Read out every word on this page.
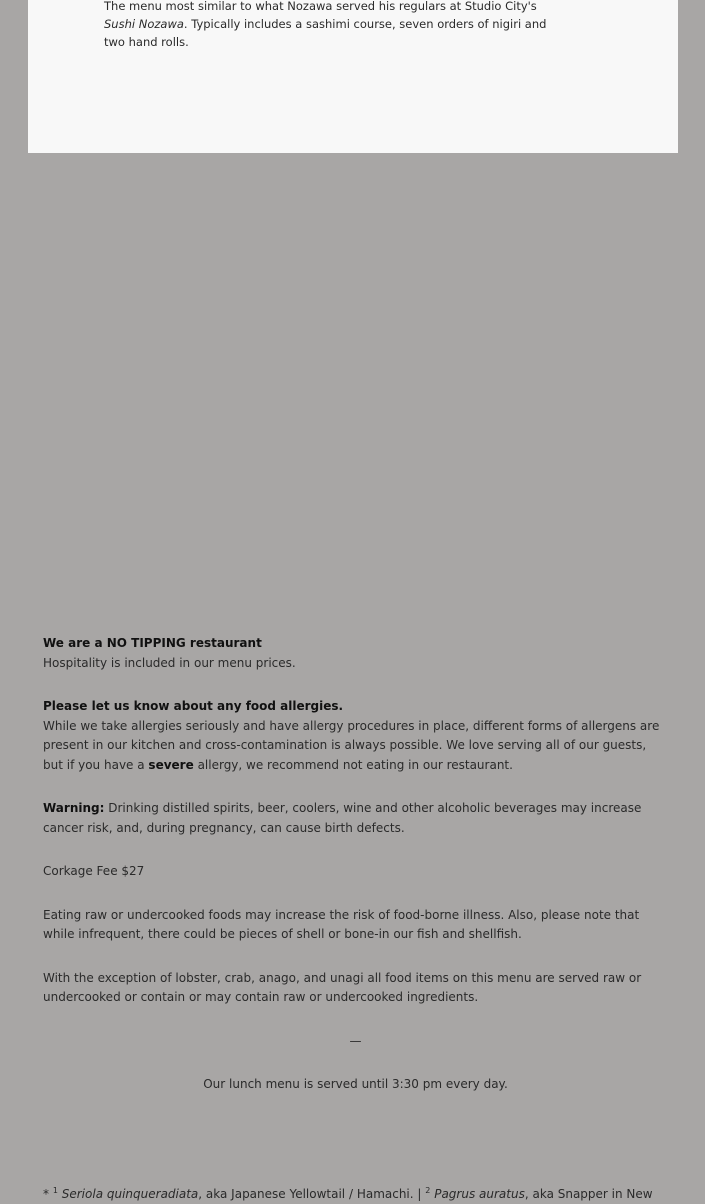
The menu most similar to what Nozawa served his regulars at Studio City's Sushi Nozawa. Typically includes a sashimi course, seven orders of nigiri and two hand rolls.

We are a NO TIPPING restaurant
Hospitality is included in our menu prices.

Please let us know about any food allergies.
While we take allergies seriously and have allergy procedures in place, different forms of allergens are present in our kitchen and cross-contamination is always possible. We love serving all of our guests, but if you have a severe allergy, we recommend not eating in our restaurant.

Warning: Drinking distilled spirits, beer, coolers, wine and other alcoholic beverages may increase cancer risk, and, during pregnancy, can cause birth defects.

Corkage Fee $27

Eating raw or undercooked foods may increase the risk of food-borne illness. Also, please note that while infrequent, there could be pieces of shell or bone-in our fish and shellfish.

With the exception of lobster, crab, anago, and unagi all food items on this menu are served raw or undercooked or contain or may contain raw or undercooked ingredients.

—

Our lunch menu is served until 3:30 pm every day.

* $^1$ Seriola quinqueradiata, aka Japanese Yellowtail / Hamachi. | $^2$ Pagrus auratus, aka Snapper in New
